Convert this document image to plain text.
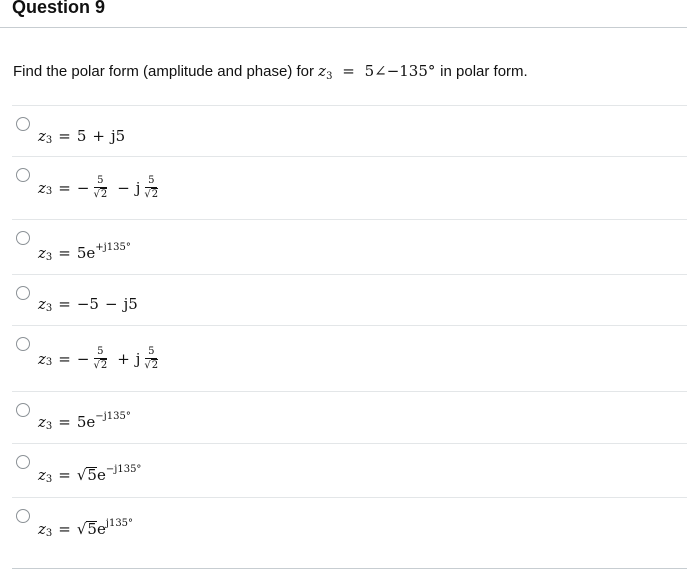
Question 9
Find the polar form (amplitude and phase) for $z_3$ = 5∠−135° in polar form.
z 3 = 5 + j5
z 3 = − $\frac{5}{√ 2} - j \frac{5}{√ 2}$
z $3 = 5e^{+j135^\circ}$
z 3 = −5 − j5
z 3 = − $\frac{5}{√ 2} + j \frac{5}{√ 2}$
z $3 = 5e^{-j135^\circ}$
z 3 = √ 5 $e^{-j135^\circ}$
z 3 = √ 5 $e^{j135^\circ}$
